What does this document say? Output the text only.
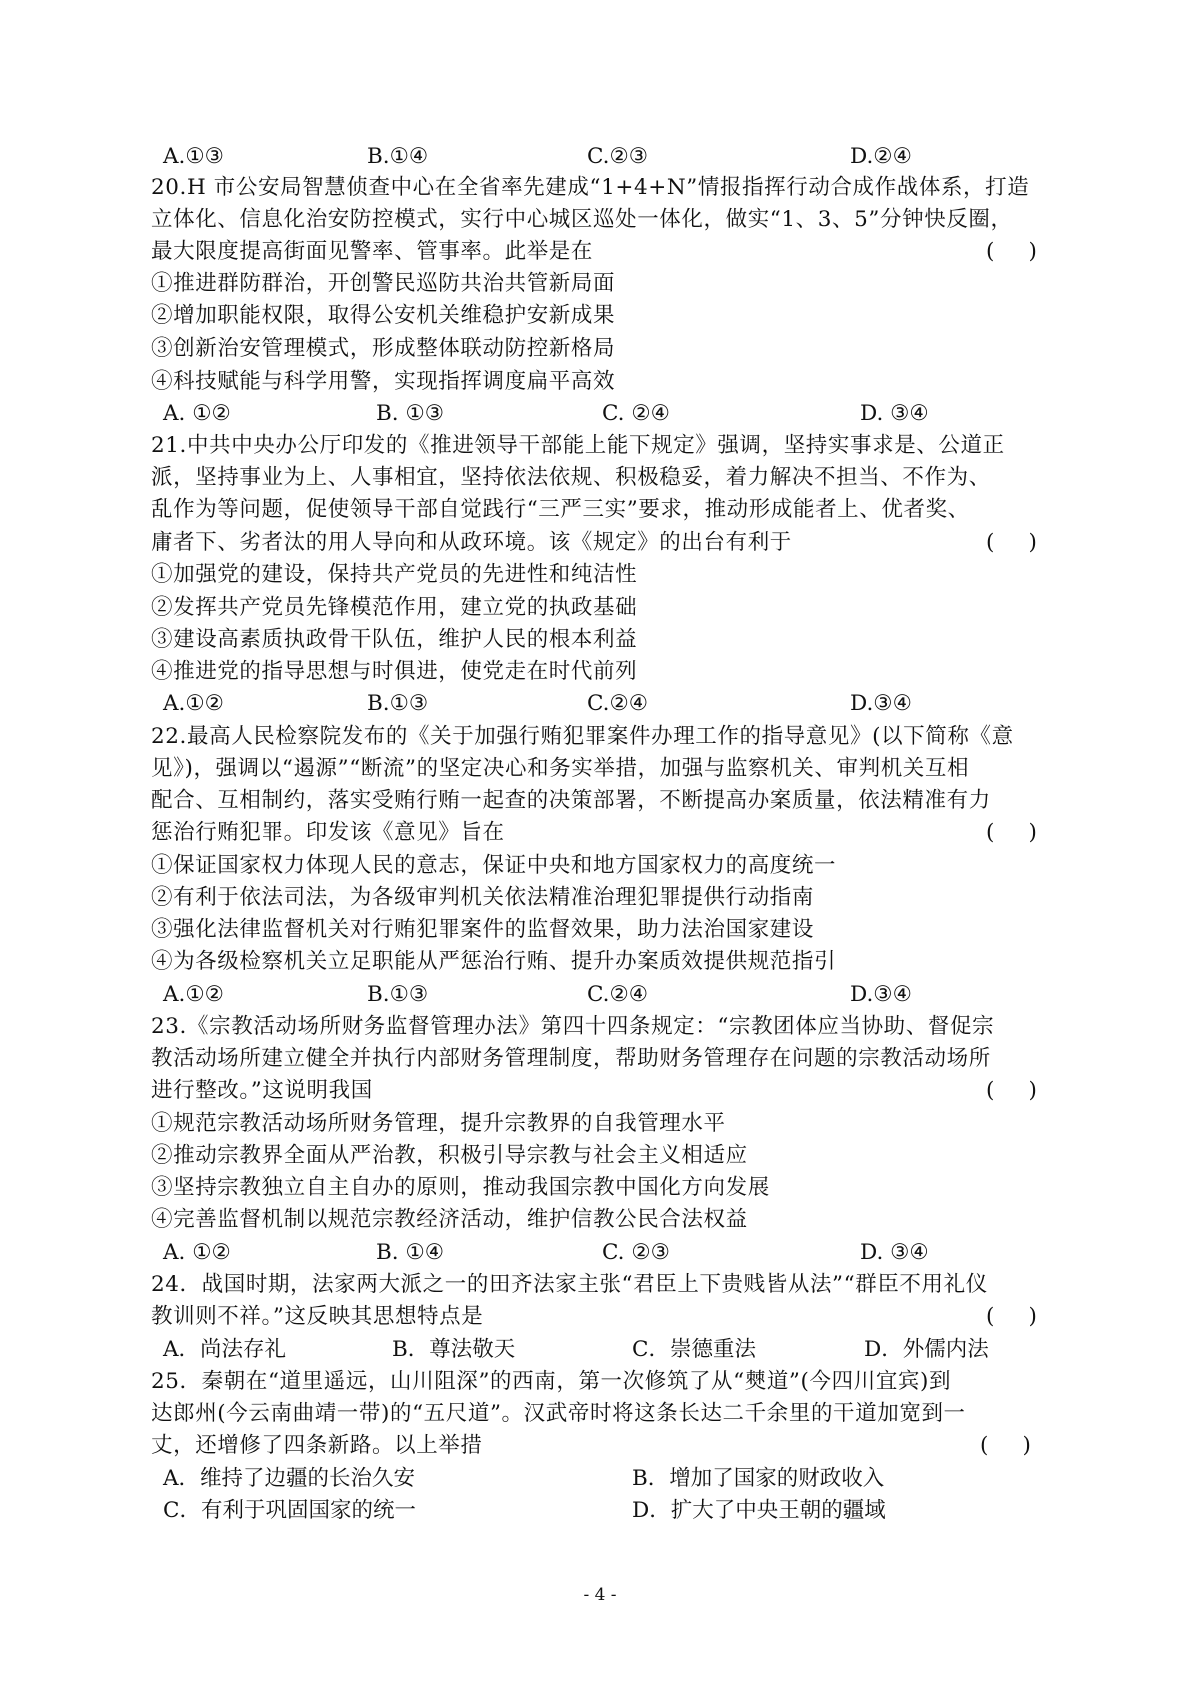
A.①③	B.①④	C.②③	D.②④
20.H 市公安局智慧侦查中心在全省率先建成“1+4+N”情报指挥行动合成作战体系，打造
立体化、信息化治安防控模式，实行中心城区巡处一体化，做实“1、3、5”分钟快反圈，
最大限度提高街面见警率、管事率。此举是在	(     )
①推进群防群治，开创警民巡防共治共管新局面
②增加职能权限，取得公安机关维稳护安新成果
③创新治安管理模式，形成整体联动防控新格局
④科技赋能与科学用警，实现指挥调度扁平高效
A. ①②	B. ①③	C. ②④	D. ③④
21.中共中央办公厅印发的《推进领导干部能上能下规定》强调，坚持实事求是、公道正
派，坚持事业为上、人事相宜，坚持依法依规、积极稳妥，着力解决不担当、不作为、
乱作为等问题，促使领导干部自觉践行“三严三实”要求，推动形成能者上、优者奖、
庸者下、劣者汰的用人导向和从政环境。该《规定》的出台有利于	(     )
①加强党的建设，保持共产党员的先进性和纯洁性
②发挥共产党员先锋模范作用，建立党的执政基础
③建设高素质执政骨干队伍，维护人民的根本利益
④推进党的指导思想与时俱进，使党走在时代前列
A.①②	B.①③	C.②④	D.③④
22.最高人民检察院发布的《关于加强行贿犯罪案件办理工作的指导意见》(以下简称《意
见》)，强调以“遏源”“断流”的坚定决心和务实举措，加强与监察机关、审判机关互相
配合、互相制约，落实受贿行贿一起查的决策部署，不断提高办案质量，依法精准有力
惩治行贿犯罪。印发该《意见》旨在	(     )
①保证国家权力体现人民的意志，保证中央和地方国家权力的高度统一
②有利于依法司法，为各级审判机关依法精准治理犯罪提供行动指南
③强化法律监督机关对行贿犯罪案件的监督效果，助力法治国家建设
④为各级检察机关立足职能从严惩治行贿、提升办案质效提供规范指引
A.①②	B.①③	C.②④	D.③④
23.《宗教活动场所财务监督管理办法》第四十四条规定：“宗教团体应当协助、督促宗
教活动场所建立健全并执行内部财务管理制度，帮助财务管理存在问题的宗教活动场所
进行整改。”这说明我国	(     )
①规范宗教活动场所财务管理，提升宗教界的自我管理水平
②推动宗教界全面从严治教，积极引导宗教与社会主义相适应
③坚持宗教独立自主自办的原则，推动我国宗教中国化方向发展
④完善监督机制以规范宗教经济活动，维护信教公民合法权益
A. ①②	B. ①④	C. ②③	D. ③④
24．战国时期，法家两大派之一的田齐法家主张“君臣上下贵贱皆从法”“群臣不用礼仪
教训则不祥。”这反映其思想特点是	(     )
A．尚法存礼	B．尊法敬天	C．崇德重法	D．外儒内法
25．秦朝在“道里遥远，山川阻深”的西南，第一次修筑了从“僰道”(今四川宜宾)到
达郎州(今云南曲靖一带)的“五尺道”。汉武帝时将这条长达二千余里的干道加宽到一
丈，还增修了四条新路。以上举措	(     )
A．维持了边疆的长治久安	B．增加了国家的财政收入
C．有利于巩固国家的统一	D．扩大了中央王朝的疆域
- 4 -
